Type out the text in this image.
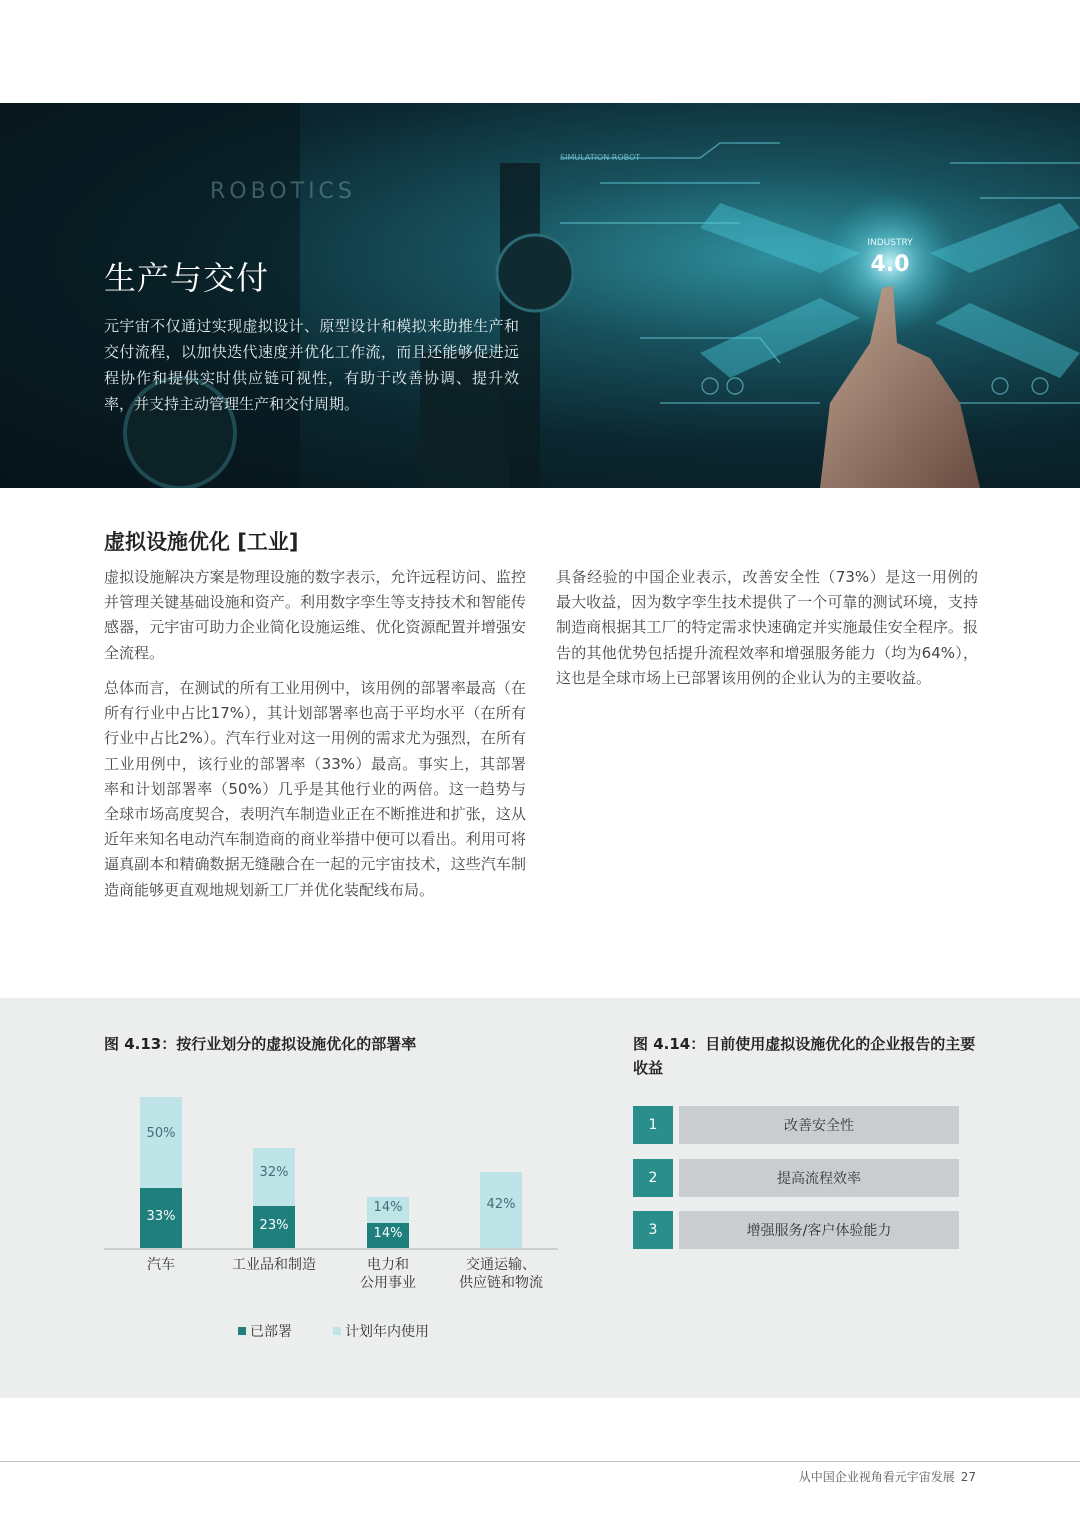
ROBOTICS
SIMULATION ROBOT
INDUSTRY
4.0
生产与交付

元宇宙不仅通过实现虚拟设计、原型设计和模拟来助推生产和交付流程，以加快迭代速度并优化工作流，而且还能够促进远程协作和提供实时供应链可视性，有助于改善协调、提升效率，并支持主动管理生产和交付周期。

虚拟设施优化 [工业]

虚拟设施解决方案是物理设施的数字表示，允许远程访问、监控并管理关键基础设施和资产。利用数字孪生等支持技术和智能传感器，元宇宙可助力企业简化设施运维、优化资源配置并增强安全流程。

总体而言，在测试的所有工业用例中，该用例的部署率最高（在所有行业中占比17%），其计划部署率也高于平均水平（在所有行业中占比2%）。汽车行业对这一用例的需求尤为强烈，在所有工业用例中，该行业的部署率（33%）最高。事实上，其部署率和计划部署率（50%）几乎是其他行业的两倍。这一趋势与全球市场高度契合，表明汽车制造业正在不断推进和扩张，这从近年来知名电动汽车制造商的商业举措中便可以看出。利用可将逼真副本和精确数据无缝融合在一起的元宇宙技术，这些汽车制造商能够更直观地规划新工厂并优化装配线布局。

具备经验的中国企业表示，改善安全性（73%）是这一用例的最大收益，因为数字孪生技术提供了一个可靠的测试环境，支持制造商根据其工厂的特定需求快速确定并实施最佳安全程序。报告的其他优势包括提升流程效率和增强服务能力（均为64%），这也是全球市场上已部署该用例的企业认为的主要收益。

图 4.13：按行业划分的虚拟设施优化的部署率
33%
50%
汽车
23%
32%
工业品和制造
14%
14%
电力和
公用事业
42%
交通运输、
供应链和物流
已部署	计划年内使用
图 4.14：目前使用虚拟设施优化的企业报告的主要收益
1	改善安全性
2	提高流程效率
3	增强服务/客户体验能力
从中国企业视角看元宇宙发展 27
